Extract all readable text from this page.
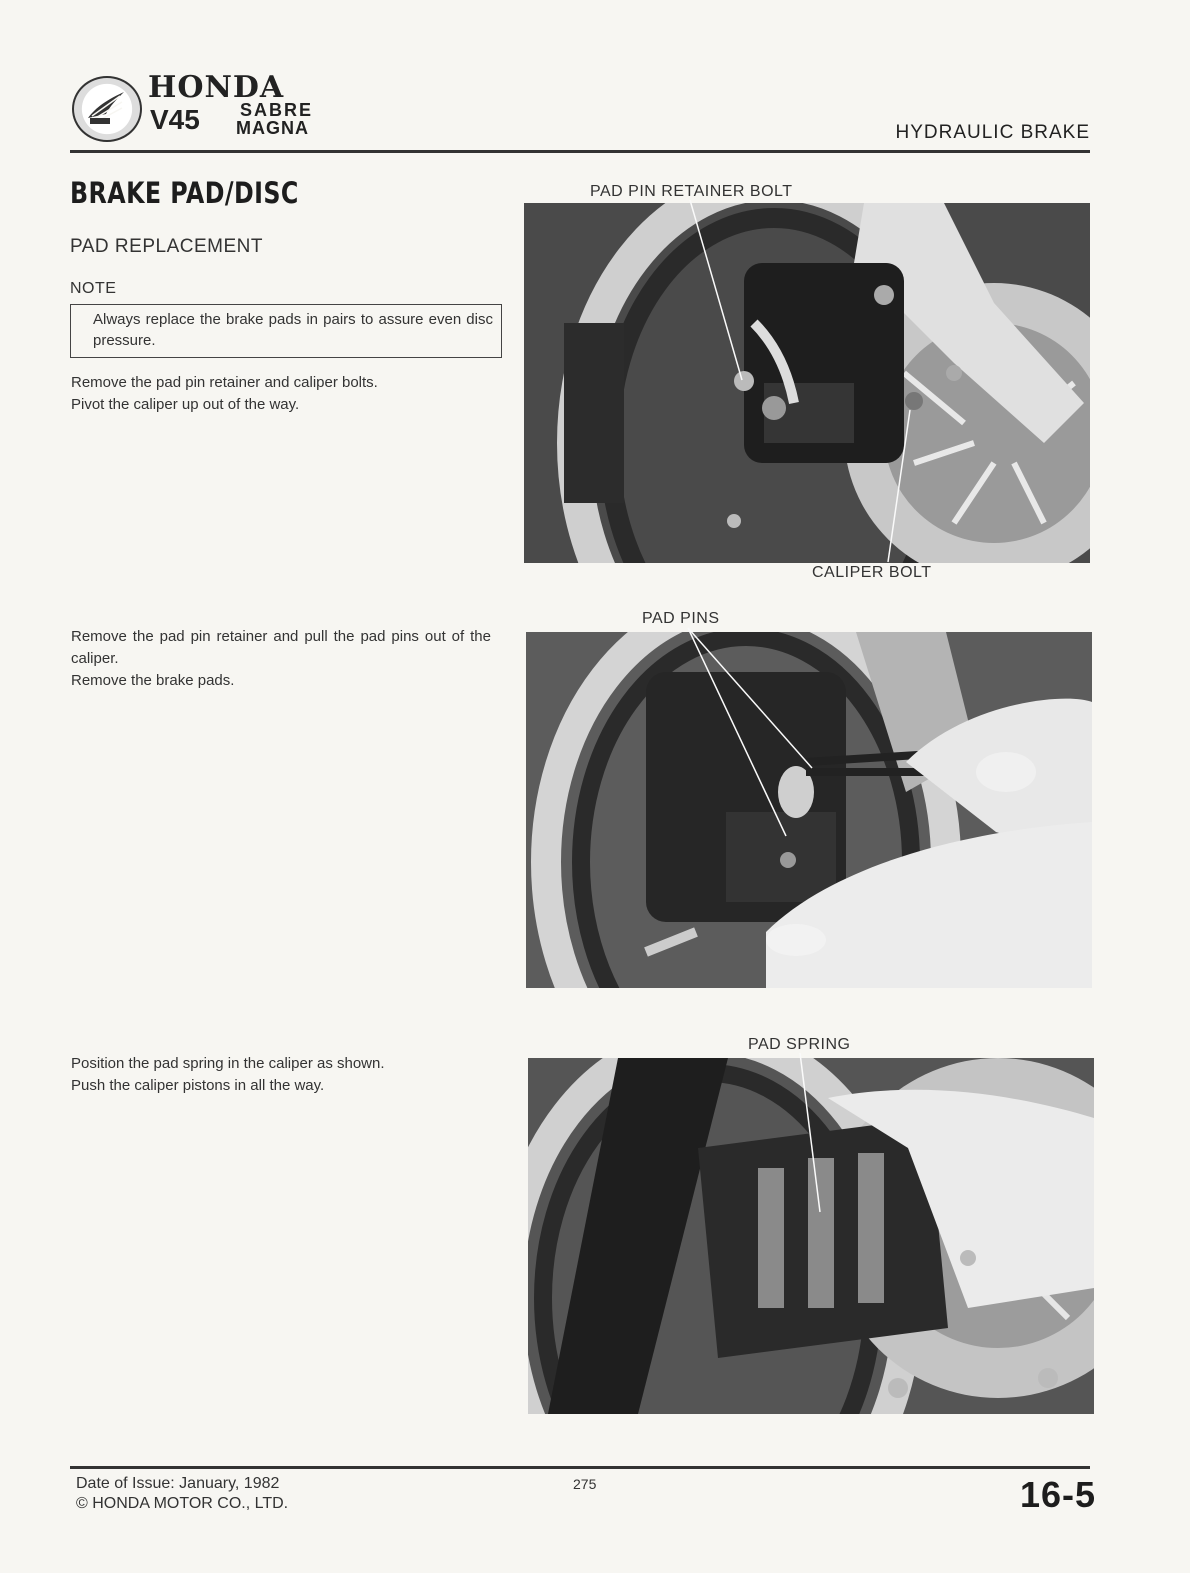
HONDA
V45 SABRE
MAGNA	HYDRAULIC BRAKE
BRAKE PAD/DISC
PAD REPLACEMENT
NOTE
Always replace the brake pads in pairs to assure even disc pressure.
Remove the pad pin retainer and caliper bolts.
Pivot the caliper up out of the way.
Remove the pad pin retainer and pull the pad pins out of the caliper.
Remove the brake pads.
Position the pad spring in the caliper as shown.
Push the caliper pistons in all the way.
PAD PIN RETAINER BOLT
CALIPER BOLT
PAD PINS
PAD SPRING
Date of Issue: January, 1982
© HONDA MOTOR CO., LTD.
275	16-5
